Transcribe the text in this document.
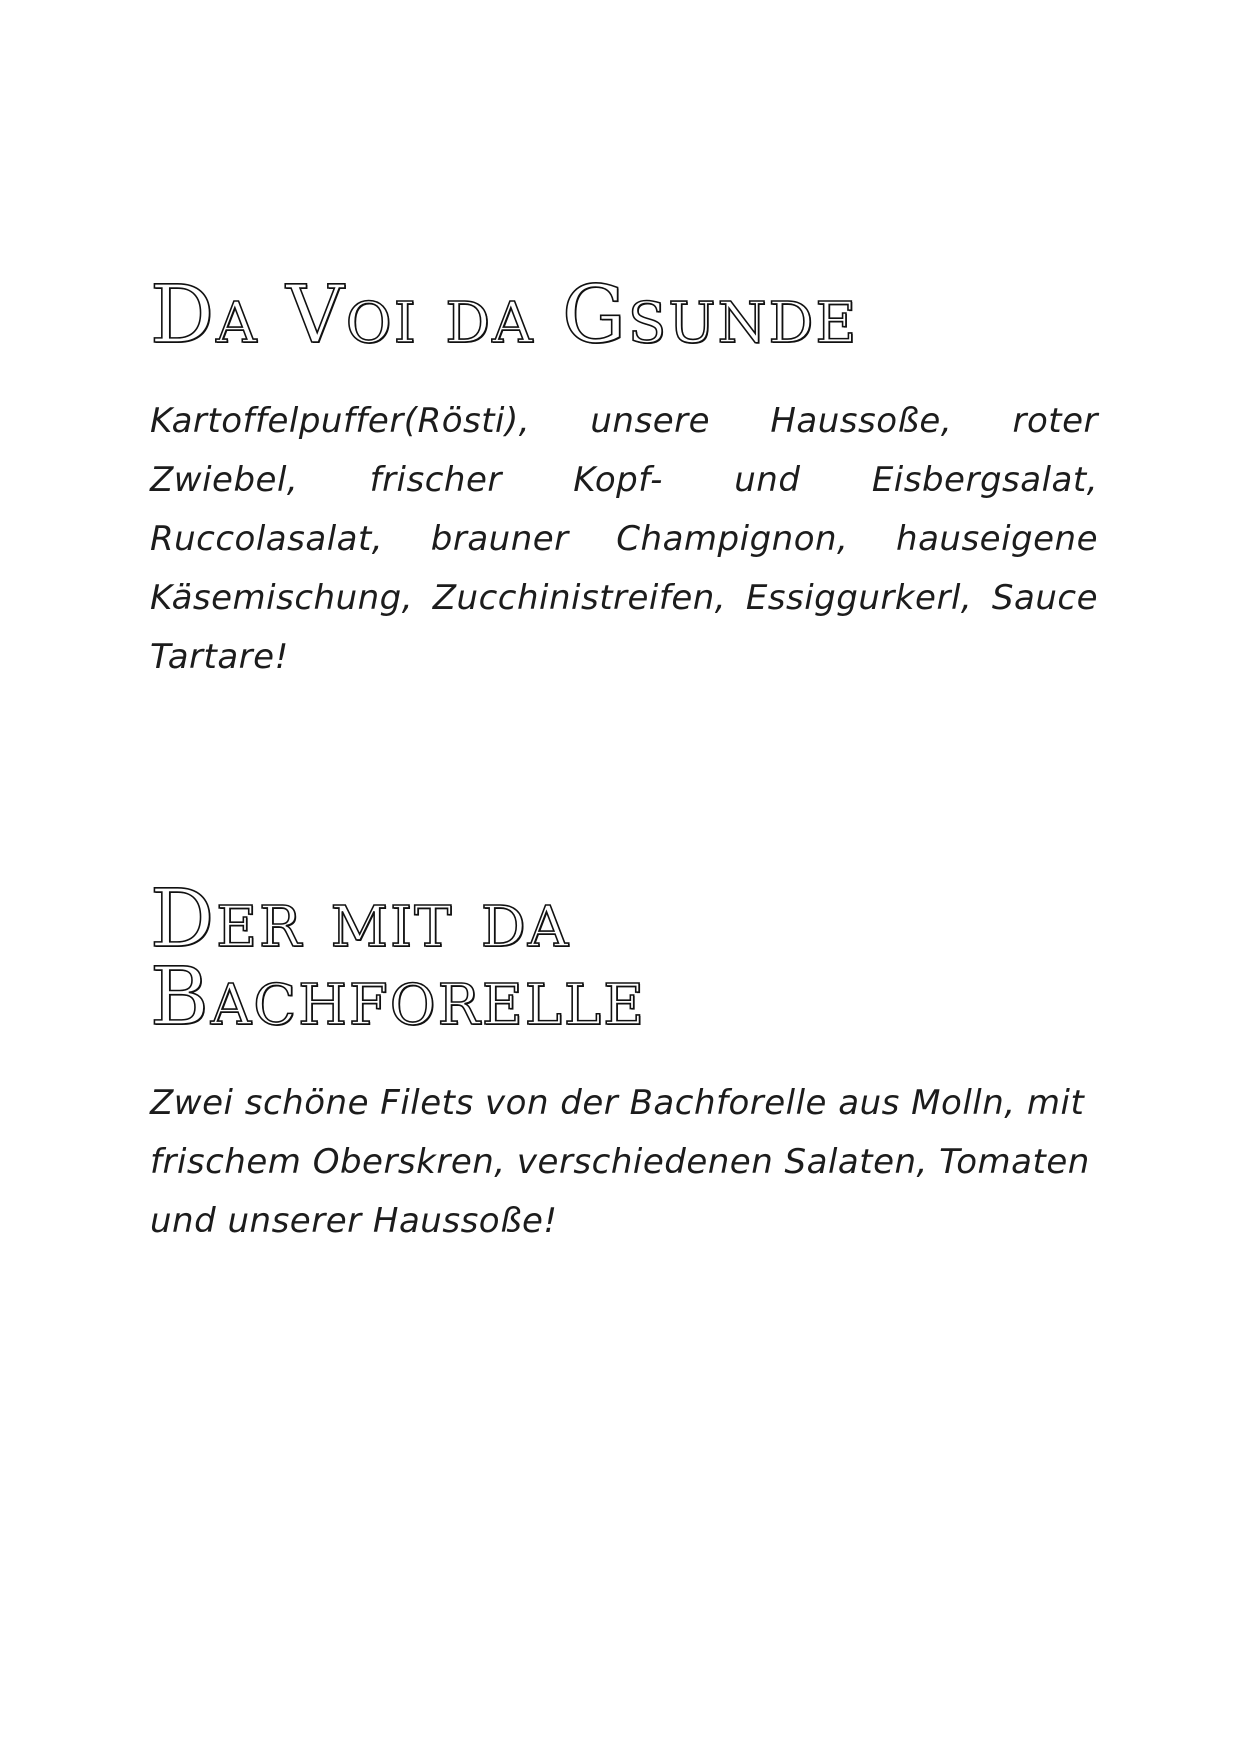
Da Voi da Gsunde

Kartoffelpuffer(Rösti), unsere Haussoße, roter Zwiebel, frischer Kopf- und Eisbergsalat, Ruccolasalat, brauner Champignon, hauseigene Käsemischung, Zucchinistreifen, Essiggurkerl, Sauce Tartare!

Der mit da
Bachforelle

Zwei schöne Filets von der Bachforelle aus Molln, mit frischem Oberskren, verschiedenen Salaten, Tomaten und unserer Haussoße!
